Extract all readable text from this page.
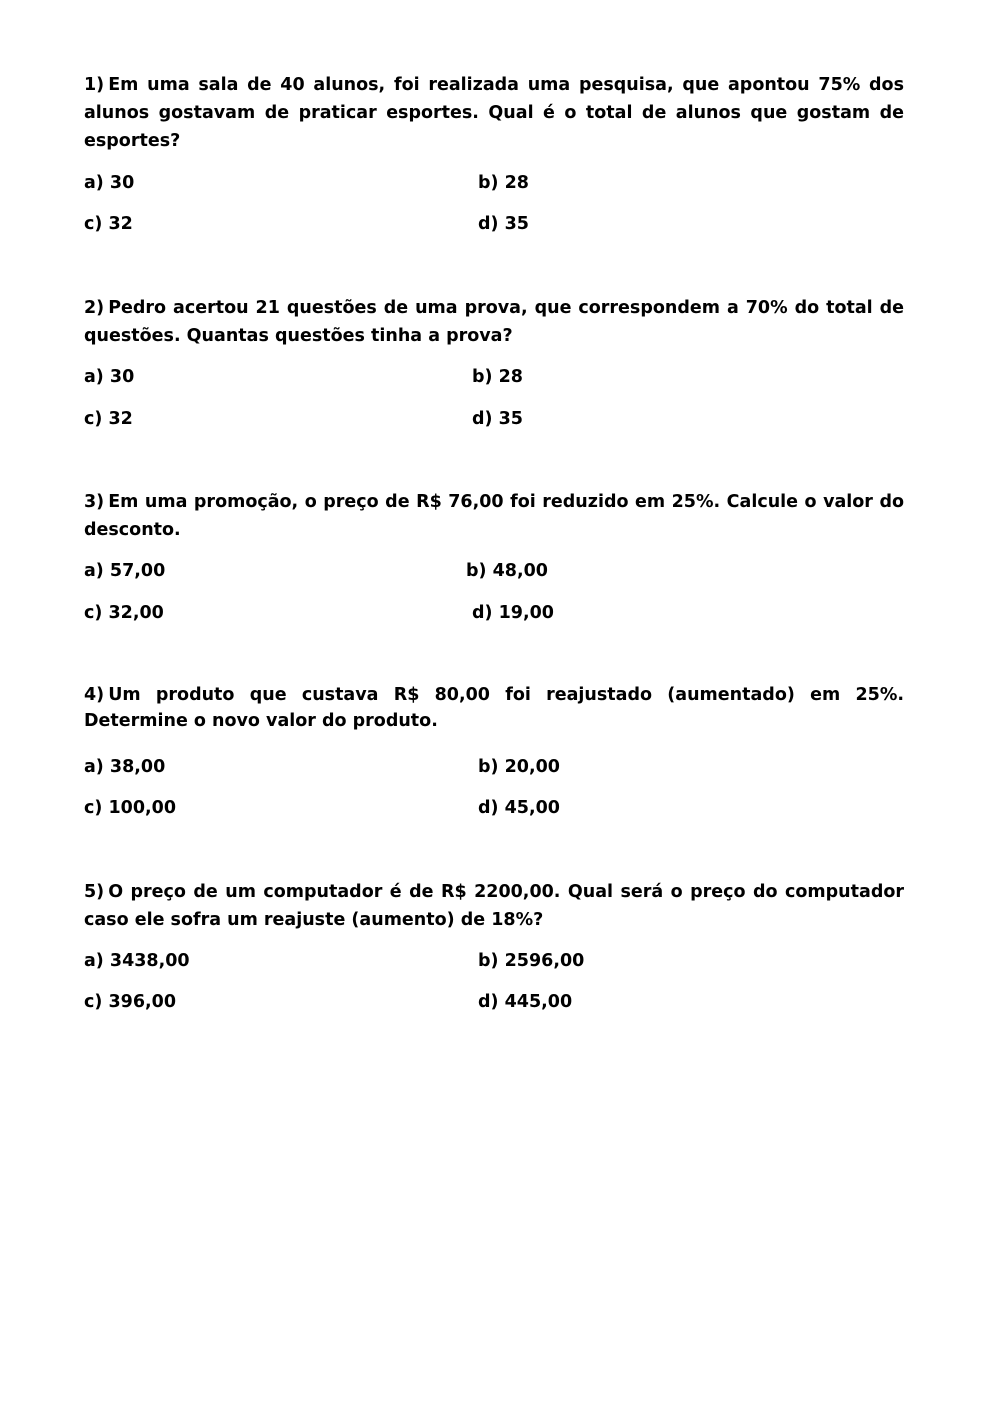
1) Em uma sala de 40 alunos, foi realizada uma pesquisa, que apontou 75% dos alunos gostavam de praticar esportes. Qual é o total de alunos que gostam de esportes?

a) 30	b) 28

c) 32	d) 35

2) Pedro acertou 21 questões de uma prova, que correspondem a 70% do total de questões. Quantas questões tinha a prova?

a) 30	b) 28

c) 32	d) 35

3) Em uma promoção, o preço de R$ 76,00 foi reduzido em 25%. Calcule o valor do desconto.

a) 57,00	b) 48,00

c) 32,00	d) 19,00

4) Um produto que custava R$ 80,00 foi reajustado (aumentado) em 25%. Determine o novo valor do produto.

a) 38,00	b) 20,00

c) 100,00	d) 45,00

5) O preço de um computador é de R$ 2200,00. Qual será o preço do computador caso ele sofra um reajuste (aumento) de 18%?

a) 3438,00	b) 2596,00

c) 396,00	d) 445,00
